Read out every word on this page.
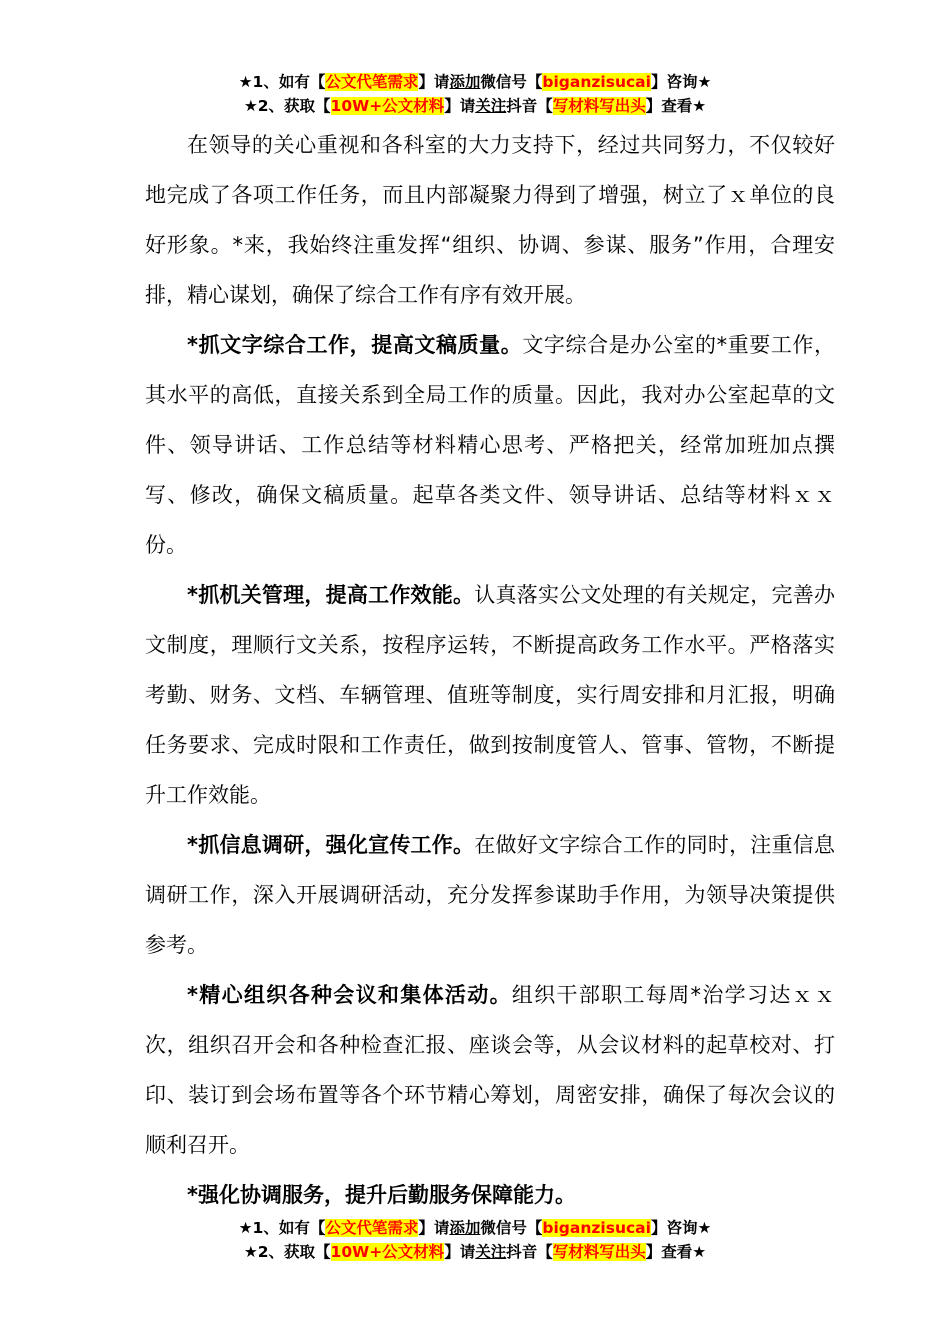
★1、如有【公文代笔需求】请添加微信号【biganzisucai】咨询★
★2、获取【10W+公文材料】请关注抖音【写材料写出头】查看★

在领导的关心重视和各科室的大力支持下，经过共同努力，不仅较好地完成了各项工作任务，而且内部凝聚力得到了增强，树立了ｘ单位的良好形象。*来，我始终注重发挥“组织、协调、参谋、服务”作用，合理安排，精心谋划，确保了综合工作有序有效开展。

*抓文字综合工作，提高文稿质量。文字综合是办公室的*重要工作，其水平的高低，直接关系到全局工作的质量。因此，我对办公室起草的文件、领导讲话、工作总结等材料精心思考、严格把关，经常加班加点撰写、修改，确保文稿质量。起草各类文件、领导讲话、总结等材料ｘｘ份。

*抓机关管理，提高工作效能。认真落实公文处理的有关规定，完善办文制度，理顺行文关系，按程序运转，不断提高政务工作水平。严格落实考勤、财务、文档、车辆管理、值班等制度，实行周安排和月汇报，明确任务要求、完成时限和工作责任，做到按制度管人、管事、管物，不断提升工作效能。

*抓信息调研，强化宣传工作。在做好文字综合工作的同时，注重信息调研工作，深入开展调研活动，充分发挥参谋助手作用，为领导决策提供参考。

*精心组织各种会议和集体活动。组织干部职工每周*治学习达ｘｘ次，组织召开会和各种检查汇报、座谈会等，从会议材料的起草校对、打印、装订到会场布置等各个环节精心筹划，周密安排，确保了每次会议的顺利召开。

*强化协调服务，提升后勤服务保障能力。

★1、如有【公文代笔需求】请添加微信号【biganzisucai】咨询★
★2、获取【10W+公文材料】请关注抖音【写材料写出头】查看★
